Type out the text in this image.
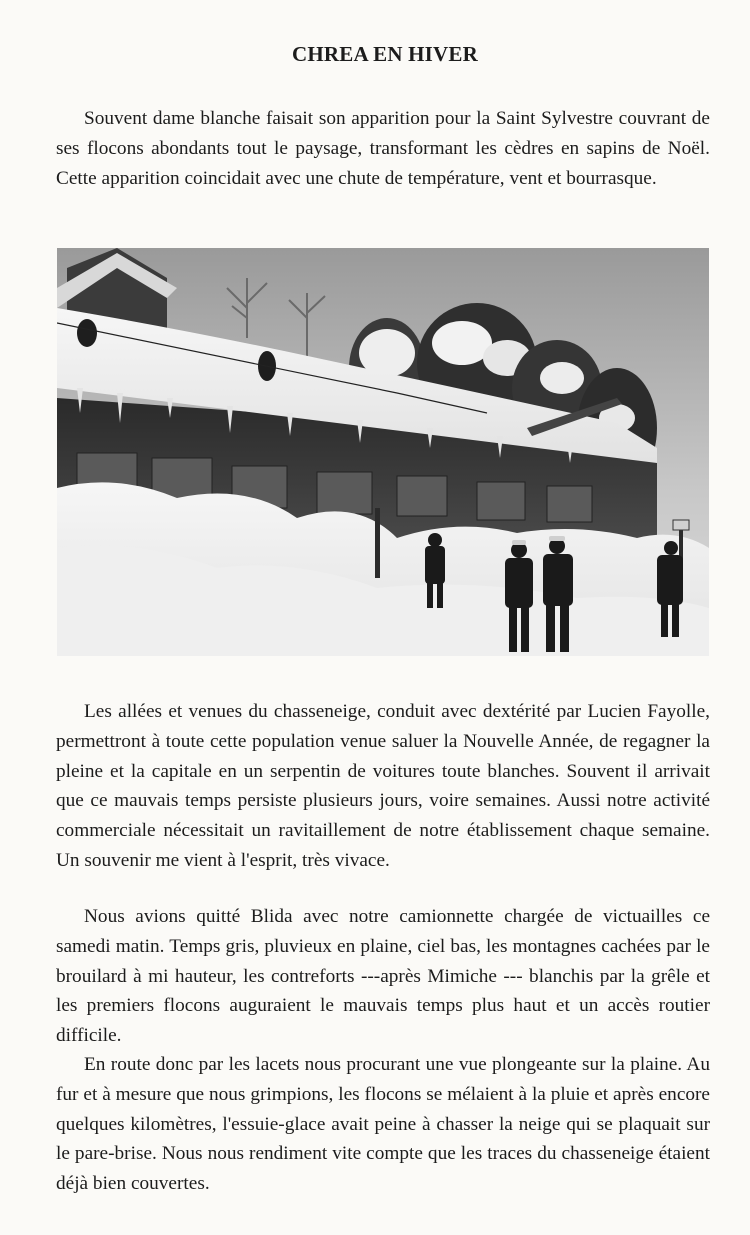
CHREA EN HIVER

Souvent dame blanche faisait son apparition pour la Saint Sylvestre couvrant de ses flocons abondants tout le paysage, transformant les cèdres en sapins de Noël. Cette apparition coincidait avec une chute de température, vent et bourrasque.

Les allées et venues du chasseneige, conduit avec dextérité par Lucien Fayolle, permettront à toute cette population venue saluer la Nouvelle Année, de regagner la pleine et la capitale en un serpentin de voitures toute blanches. Souvent il arrivait que ce mauvais temps persiste plusieurs jours, voire semaines. Aussi notre activité commerciale nécessitait un ravitaillement de notre établissement chaque semaine. Un souvenir me vient à l'esprit, très vivace.

Nous avions quitté Blida avec notre camionnette chargée de victuailles ce samedi matin. Temps gris, pluvieux en plaine, ciel bas, les montagnes cachées par le brouilard à mi hauteur, les contreforts ---après Mimiche --- blanchis par la grêle et les premiers flocons auguraient le mauvais temps plus haut et un accès routier difficile.

En route donc par les lacets nous procurant une vue plongeante sur la plaine. Au fur et à mesure que nous grimpions, les flocons se mélaient à la pluie et après encore quelques kilomètres, l'essuie-glace avait peine à chasser la neige qui se plaquait sur le pare-brise. Nous nous rendiment vite compte que les traces du chasseneige étaient déjà bien couvertes.
